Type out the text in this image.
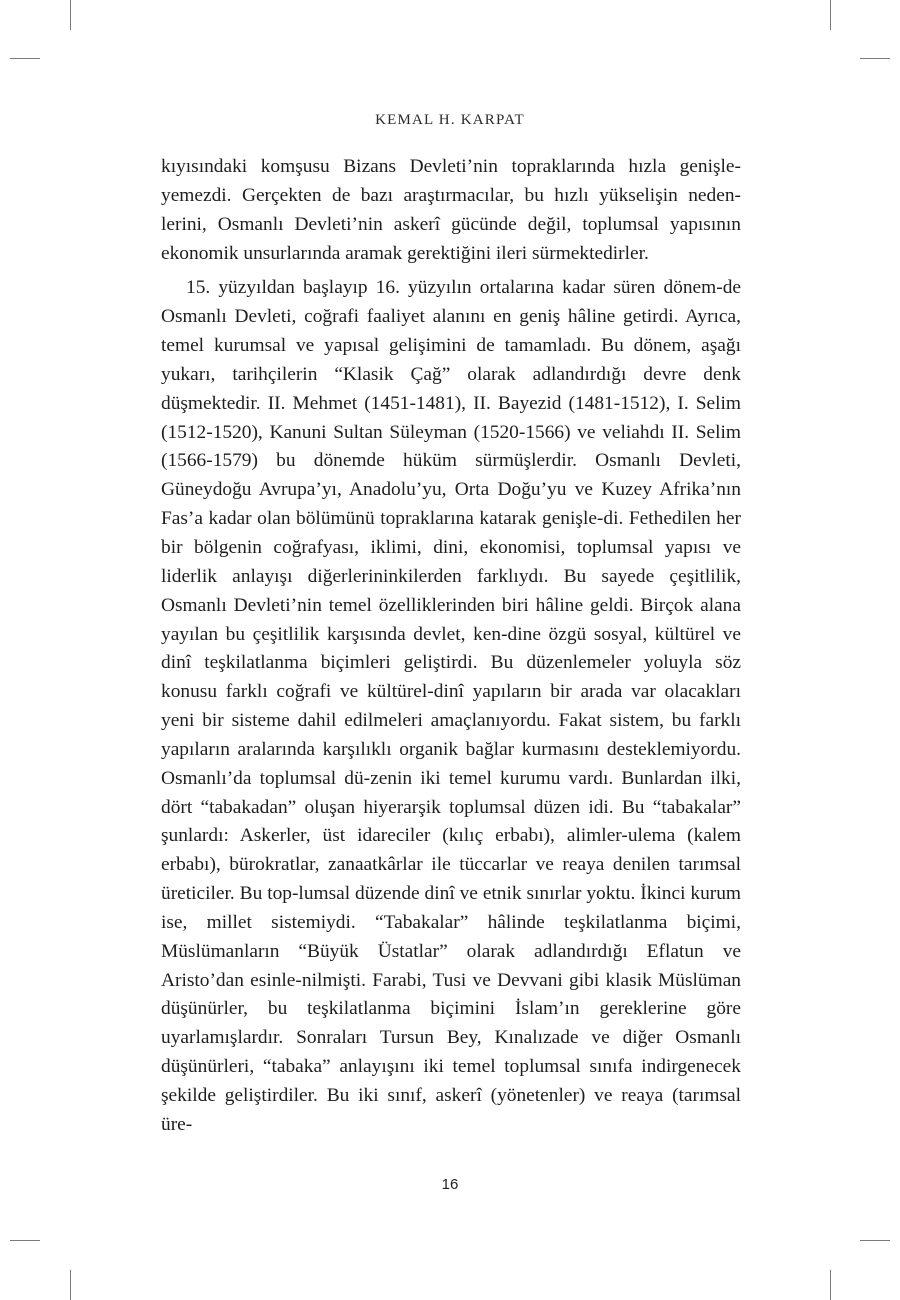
KEMAL H. KARPAT

kıyısındaki komşusu Bizans Devleti’nin topraklarında hızla genişle-yemezdi. Gerçekten de bazı araştırmacılar, bu hızlı yükselişin neden-lerini, Osmanlı Devleti’nin askerî gücünde değil, toplumsal yapısının ekonomik unsurlarında aramak gerektiğini ileri sürmektedirler.

15. yüzyıldan başlayıp 16. yüzyılın ortalarına kadar süren dönem-de Osmanlı Devleti, coğrafi faaliyet alanını en geniş hâline getirdi. Ayrıca, temel kurumsal ve yapısal gelişimini de tamamladı. Bu dönem, aşağı yukarı, tarihçilerin “Klasik Çağ” olarak adlandırdığı devre denk düşmektedir. II. Mehmet (1451-1481), II. Bayezid (1481-1512), I. Selim (1512-1520), Kanuni Sultan Süleyman (1520-1566) ve veliahdı II. Selim (1566-1579) bu dönemde hüküm sürmüşlerdir. Osmanlı Devleti, Güneydoğu Avrupa’yı, Anadolu’yu, Orta Doğu’yu ve Kuzey Afrika’nın Fas’a kadar olan bölümünü topraklarına katarak genişle-di. Fethedilen her bir bölgenin coğrafyası, iklimi, dini, ekonomisi, toplumsal yapısı ve liderlik anlayışı diğerlerininkilerden farklıydı. Bu sayede çeşitlilik, Osmanlı Devleti’nin temel özelliklerinden biri hâline geldi. Birçok alana yayılan bu çeşitlilik karşısında devlet, ken-dine özgü sosyal, kültürel ve dinî teşkilatlanma biçimleri geliştirdi. Bu düzenlemeler yoluyla söz konusu farklı coğrafi ve kültürel-dinî yapıların bir arada var olacakları yeni bir sisteme dahil edilmeleri amaçlanıyordu. Fakat sistem, bu farklı yapıların aralarında karşılıklı organik bağlar kurmasını desteklemiyordu. Osmanlı’da toplumsal dü-zenin iki temel kurumu vardı. Bunlardan ilki, dört “tabakadan” oluşan hiyerarşik toplumsal düzen idi. Bu “tabakalar” şunlardı: Askerler, üst idareciler (kılıç erbabı), alimler-ulema (kalem erbabı), bürokratlar, zanaatkârlar ile tüccarlar ve reaya denilen tarımsal üreticiler. Bu top-lumsal düzende dinî ve etnik sınırlar yoktu. İkinci kurum ise, millet sistemiydi. “Tabakalar” hâlinde teşkilatlanma biçimi, Müslümanların “Büyük Üstatlar” olarak adlandırdığı Eflatun ve Aristo’dan esinle-nilmişti. Farabi, Tusi ve Devvani gibi klasik Müslüman düşünürler, bu teşkilatlanma biçimini İslam’ın gereklerine göre uyarlamışlardır. Sonraları Tursun Bey, Kınalızade ve diğer Osmanlı düşünürleri, “tabaka” anlayışını iki temel toplumsal sınıfa indirgenecek şekilde geliştirdiler. Bu iki sınıf, askerî (yönetenler) ve reaya (tarımsal üre-

16
